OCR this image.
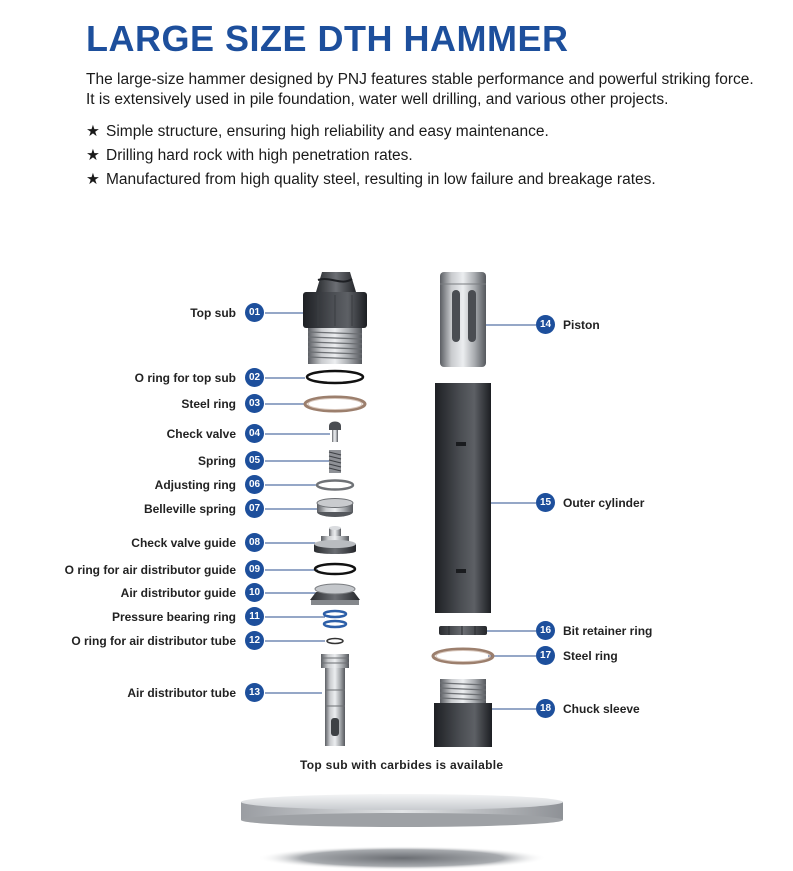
LARGE SIZE DTH HAMMER
The large-size hammer designed by PNJ features stable performance and powerful striking force.
It is extensively used in pile foundation, water well drilling, and various other projects.
★ Simple structure, ensuring high reliability and easy maintenance.
★ Drilling hard rock with high penetration rates.
★ Manufactured from high quality steel, resulting in low failure and breakage rates.
Top sub	01
O ring for top sub	02
Steel ring	03
Check valve	04
Spring	05
Adjusting ring	06
Belleville spring	07
Check valve guide	08
O ring for air distributor guide	09
Air distributor guide	10
Pressure bearing ring	11
O ring for air distributor tube	12
Air distributor tube	13
14 Piston
15 Outer cylinder
16 Bit retainer ring
17 Steel ring
18 Chuck sleeve
Top sub with carbides is available
